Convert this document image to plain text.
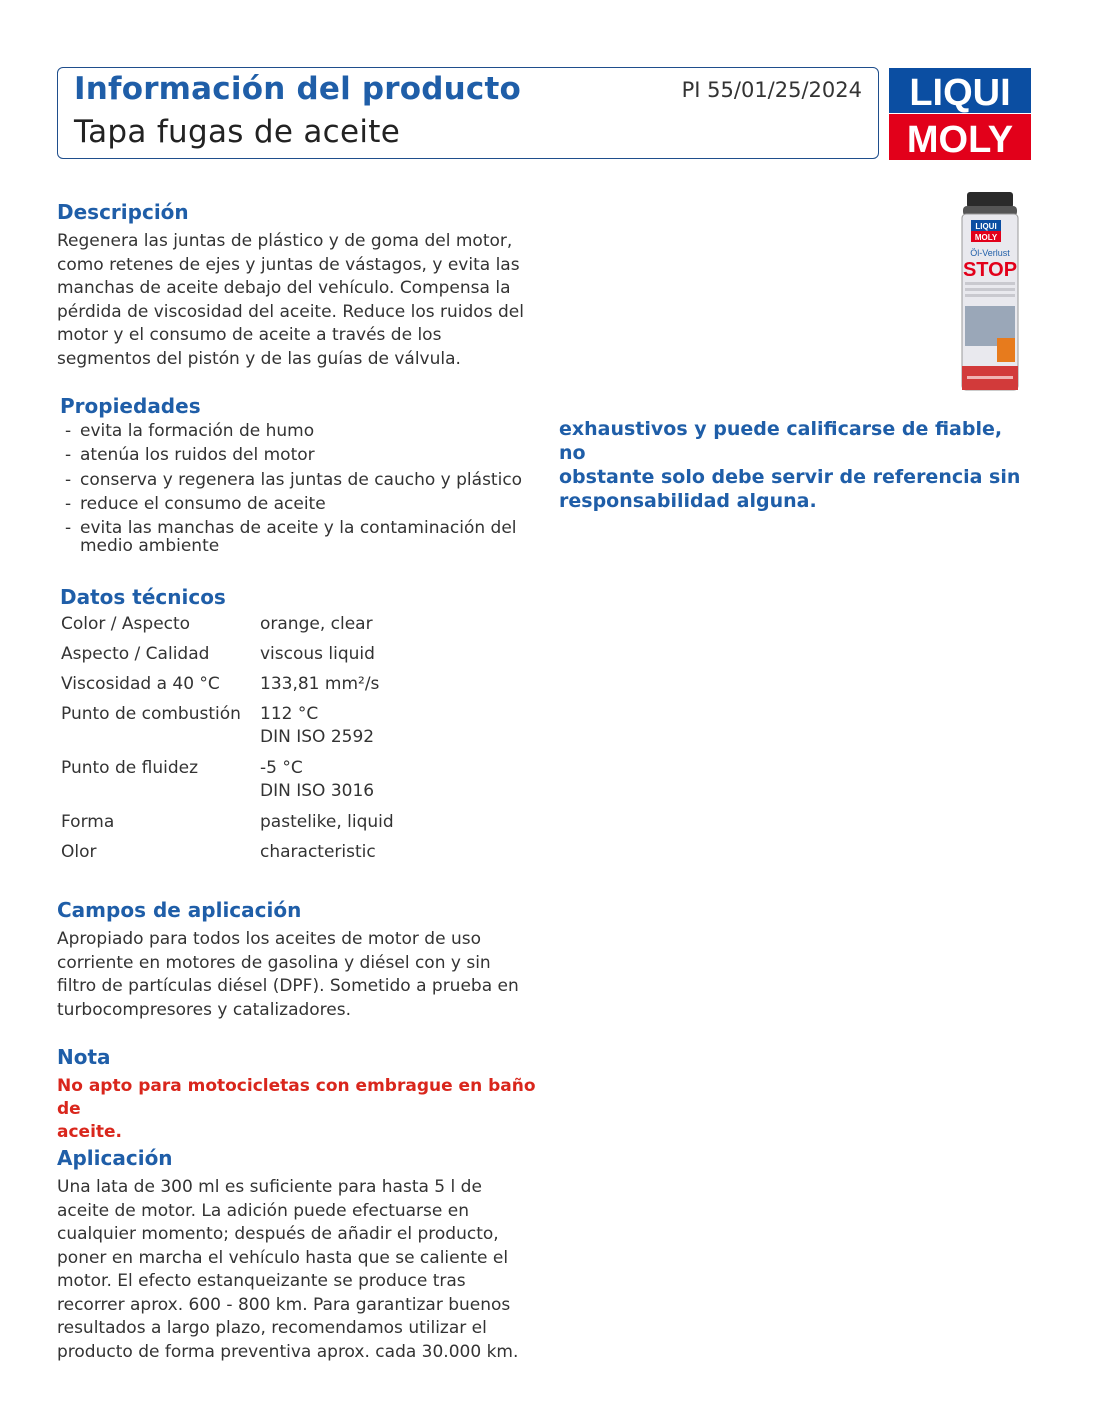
Información del producto
Tapa fugas de aceite
PI 55/01/25/2024 LIQUI
MOLY
LIQUI
MOLY
Öl-Verlust
STOP
Descripción
Regenera las juntas de plástico y de goma del motor,
como retenes de ejes y juntas de vástagos, y evita las
manchas de aceite debajo del vehículo. Compensa la
pérdida de viscosidad del aceite. Reduce los ruidos del
motor y el consumo de aceite a través de los
segmentos del pistón y de las guías de válvula.
Propiedades
- evita la formación de humo
- atenúa los ruidos del motor
- conserva y regenera las juntas de caucho y plástico
- reduce el consumo de aceite
- evita las manchas de aceite y la contaminación del
medio ambiente
Datos técnicos
Color / Aspecto	orange, clear
Aspecto / Calidad	viscous liquid
Viscosidad a 40 °C	133,81 mm²/s
Punto de combustión	112 °C
DIN ISO 2592

Punto de fluidez	-5 °C
DIN ISO 3016

Forma	pastelike, liquid
Olor	characteristic
Campos de aplicación
Apropiado para todos los aceites de motor de uso
corriente en motores de gasolina y diésel con y sin
filtro de partículas diésel (DPF). Sometido a prueba en
turbocompresores y catalizadores.
Nota
No apto para motocicletas con embrague en baño de
aceite.
Aplicación
Una lata de 300 ml es suficiente para hasta 5 l de
aceite de motor. La adición puede efectuarse en
cualquier momento; después de añadir el producto,
poner en marcha el vehículo hasta que se caliente el
motor. El efecto estanqueizante se produce tras
recorrer aprox. 600 - 800 km. Para garantizar buenos
resultados a largo plazo, recomendamos utilizar el
producto de forma preventiva aprox. cada 30.000 km.
exhaustivos y puede calificarse de fiable, no
obstante solo debe servir de referencia sin
responsabilidad alguna.
